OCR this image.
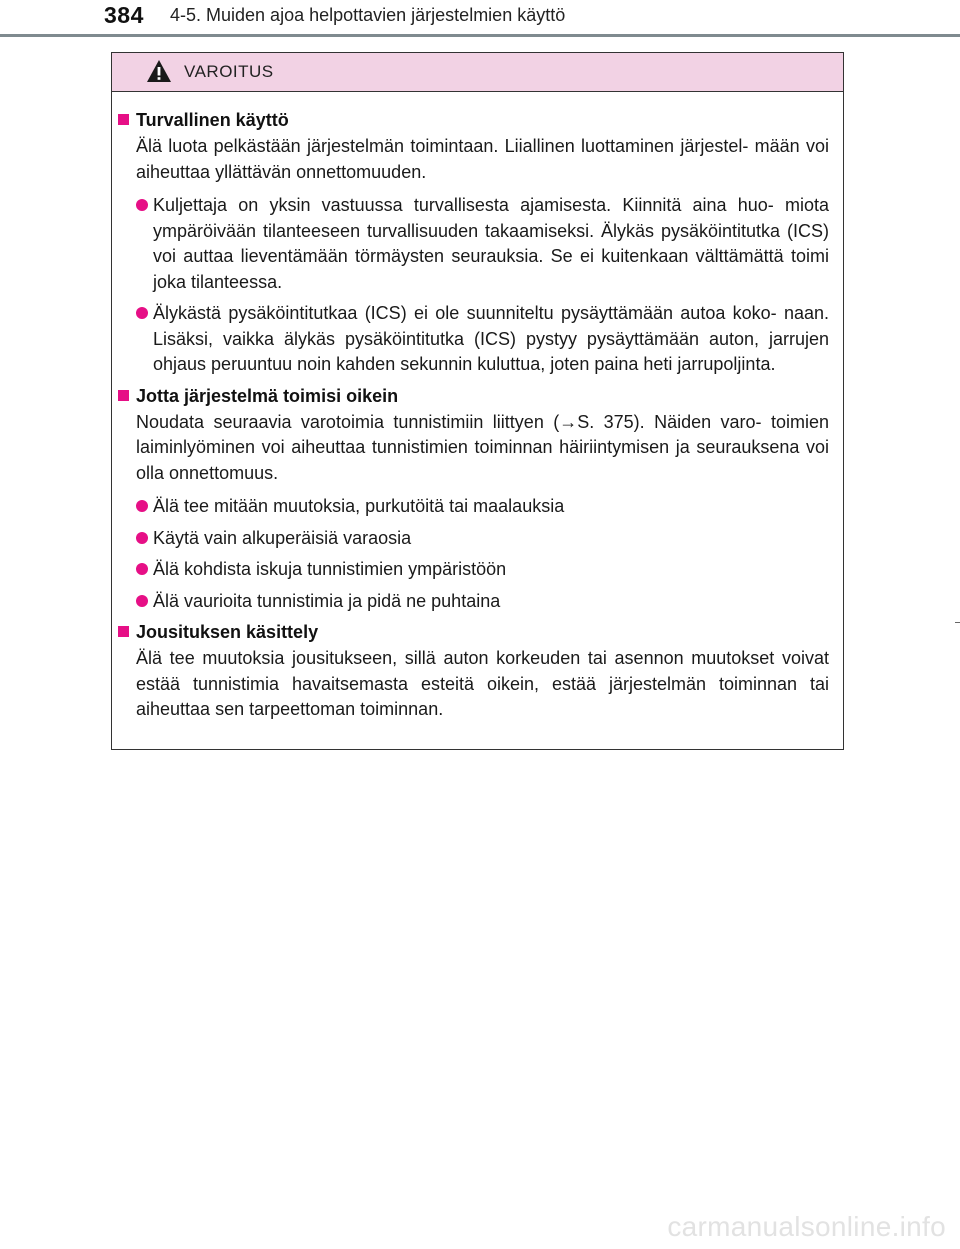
384 4-5. Muiden ajoa helpottavien järjestelmien käyttö
VAROITUS
Turvallinen käyttö
Älä luota pelkästään järjestelmän toimintaan. Liiallinen luottaminen järjestel- mään voi aiheuttaa yllättävän onnettomuuden.
Kuljettaja on yksin vastuussa turvallisesta ajamisesta. Kiinnitä aina huo- miota ympäröivään tilanteeseen turvallisuuden takaamiseksi. Älykäs pysäköintitutka (ICS) voi auttaa lieventämään törmäysten seurauksia. Se ei kuitenkaan välttämättä toimi joka tilanteessa.
Älykästä pysäköintitutkaa (ICS) ei ole suunniteltu pysäyttämään autoa koko- naan. Lisäksi, vaikka älykäs pysäköintitutka (ICS) pystyy pysäyttämään auton, jarrujen ohjaus peruuntuu noin kahden sekunnin kuluttua, joten paina heti jarrupoljinta.
Jotta järjestelmä toimisi oikein
Noudata seuraavia varotoimia tunnistimiin liittyen (→S. 375). Näiden varo- toimien laiminlyöminen voi aiheuttaa tunnistimien toiminnan häiriintymisen ja seurauksena voi olla onnettomuus.
Älä tee mitään muutoksia, purkutöitä tai maalauksia
Käytä vain alkuperäisiä varaosia
Älä kohdista iskuja tunnistimien ympäristöön
Älä vaurioita tunnistimia ja pidä ne puhtaina
Jousituksen käsittely
Älä tee muutoksia jousitukseen, sillä auton korkeuden tai asennon muutokset voivat estää tunnistimia havaitsemasta esteitä oikein, estää järjestelmän toiminnan tai aiheuttaa sen tarpeettoman toiminnan.
carmanualsonline.info
